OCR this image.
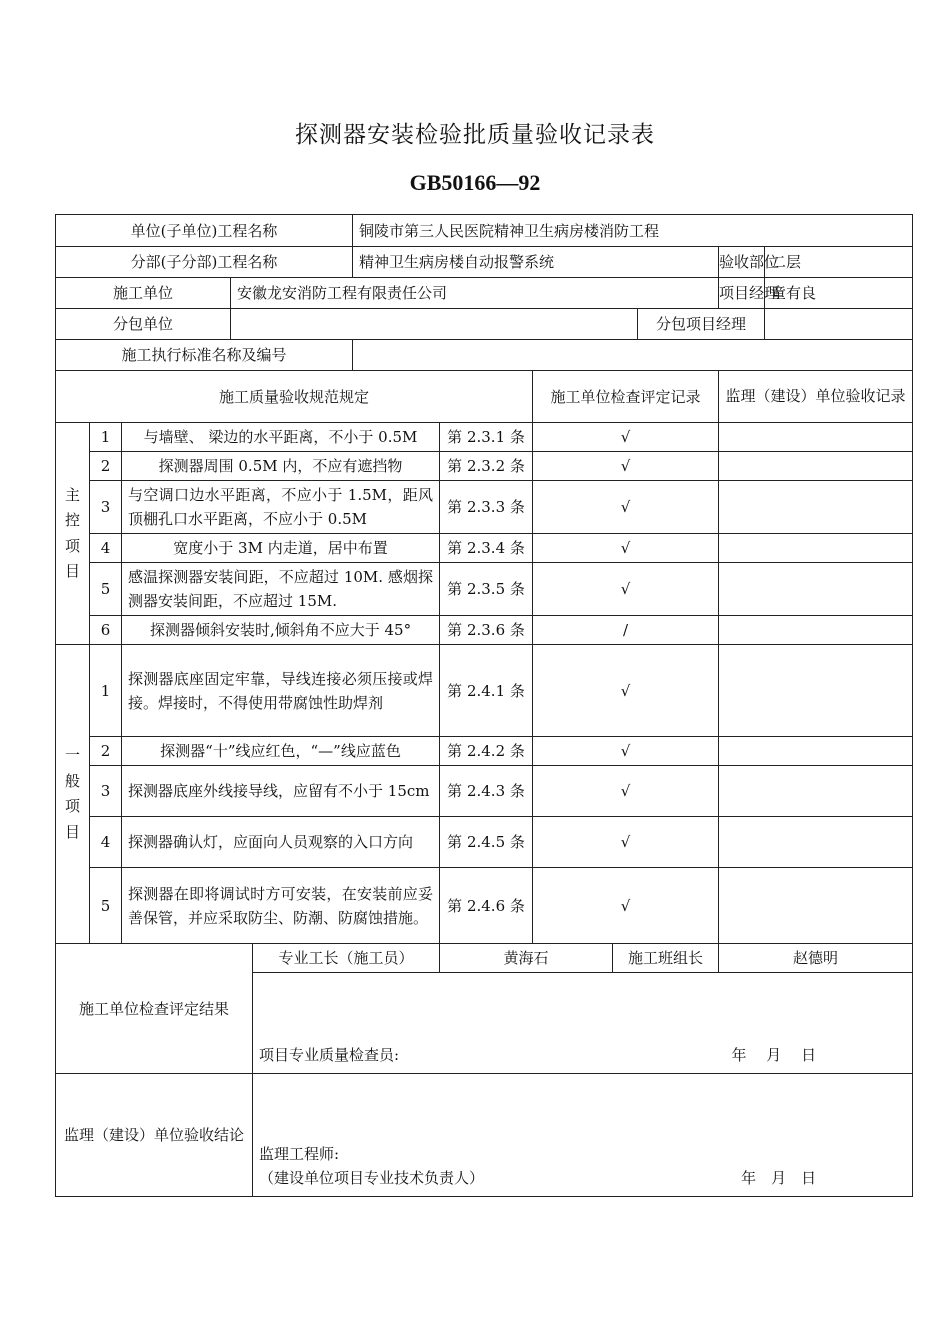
探测器安装检验批质量验收记录表
GB50166—92
单位(子单位)工程名称					铜陵市第三人民医院精神卫生病房楼消防工程						
分部(子分部)工程名称					精神卫生病房楼自动报警系统					验收部位	二层
施工单位			安徽龙安消防工程有限责任公司							项目经理	童有良
分包单位									分包项目经理		
施工执行标准名称及编号											
施工质量验收规范规定							施工单位检查评定记录			监理（建设）单位验收记录	
主控项目	1	与墙壁、 梁边的水平距离，不小于 0.5M				第 2.3.1 条	√				
	2	探测器周围 0.5M 内，不应有遮挡物				第 2.3.2 条	√				
	3	与空调口边水平距离，不应小于 1.5M，距风顶棚孔口水平距离，不应小于 0.5M				第 2.3.3 条	√				
	4	宽度小于 3M 内走道，居中布置				第 2.3.4 条	√				
	5	感温探测器安装间距，不应超过 10M. 感烟探测器安装间距，不应超过 15M.				第 2.3.5 条	√				
	6	探测器倾斜安装时,倾斜角不应大于 45°				第 2.3.6 条	/				
一般项目	1	探测器底座固定牢靠，导线连接必须压接或焊接。焊接时，不得使用带腐蚀性助焊剂				第 2.4.1 条	√				
	2	探测器“十”线应红色，“—”线应蓝色				第 2.4.2 条	√				
	3	探测器底座外线接导线，应留有不小于 15cm				第 2.4.3 条	√				
	4	探测器确认灯，应面向人员观察的入口方向				第 2.4.5 条	√				
	5	探测器在即将调试时方可安装，在安装前应妥善保管，并应采取防尘、防潮、防腐蚀措施。				第 2.4.6 条	√				
施工单位检查评定结果				专业工长（施工员）		黄海石		施工班组长		赵德明	
				项目专业质量检查员: 年　 月　 日							

监理（建设）单位验收结论				监理工程师:
（建设单位项目专业技术负责人） 年　月　日							
